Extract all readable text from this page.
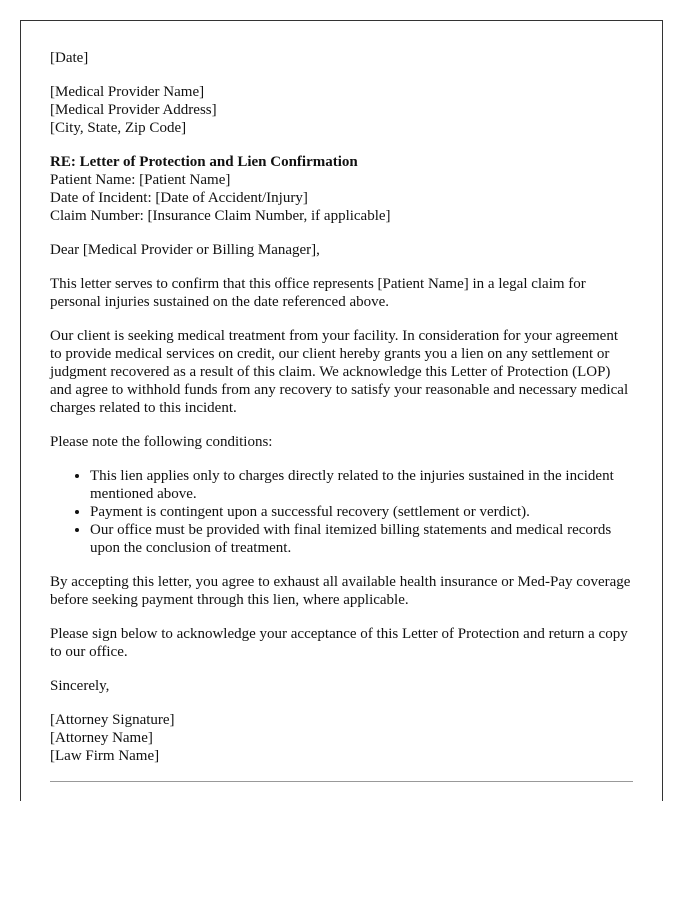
[Date]

[Medical Provider Name]
[Medical Provider Address]
[City, State, Zip Code]

RE: Letter of Protection and Lien Confirmation
Patient Name: [Patient Name]
Date of Incident: [Date of Accident/Injury]
Claim Number: [Insurance Claim Number, if applicable]

Dear [Medical Provider or Billing Manager],

This letter serves to confirm that this office represents [Patient Name] in a legal claim for personal injuries sustained on the date referenced above.

Our client is seeking medical treatment from your facility. In consideration for your agreement to provide medical services on credit, our client hereby grants you a lien on any settlement or judgment recovered as a result of this claim. We acknowledge this Letter of Protection (LOP) and agree to withhold funds from any recovery to satisfy your reasonable and necessary medical charges related to this incident.

Please note the following conditions:

• This lien applies only to charges directly related to the injuries sustained in the incident mentioned above.
• Payment is contingent upon a successful recovery (settlement or verdict).
• Our office must be provided with final itemized billing statements and medical records upon the conclusion of treatment.

By accepting this letter, you agree to exhaust all available health insurance or Med-Pay coverage before seeking payment through this lien, where applicable.

Please sign below to acknowledge your acceptance of this Letter of Protection and return a copy to our office.

Sincerely,

[Attorney Signature]
[Attorney Name]
[Law Firm Name]
